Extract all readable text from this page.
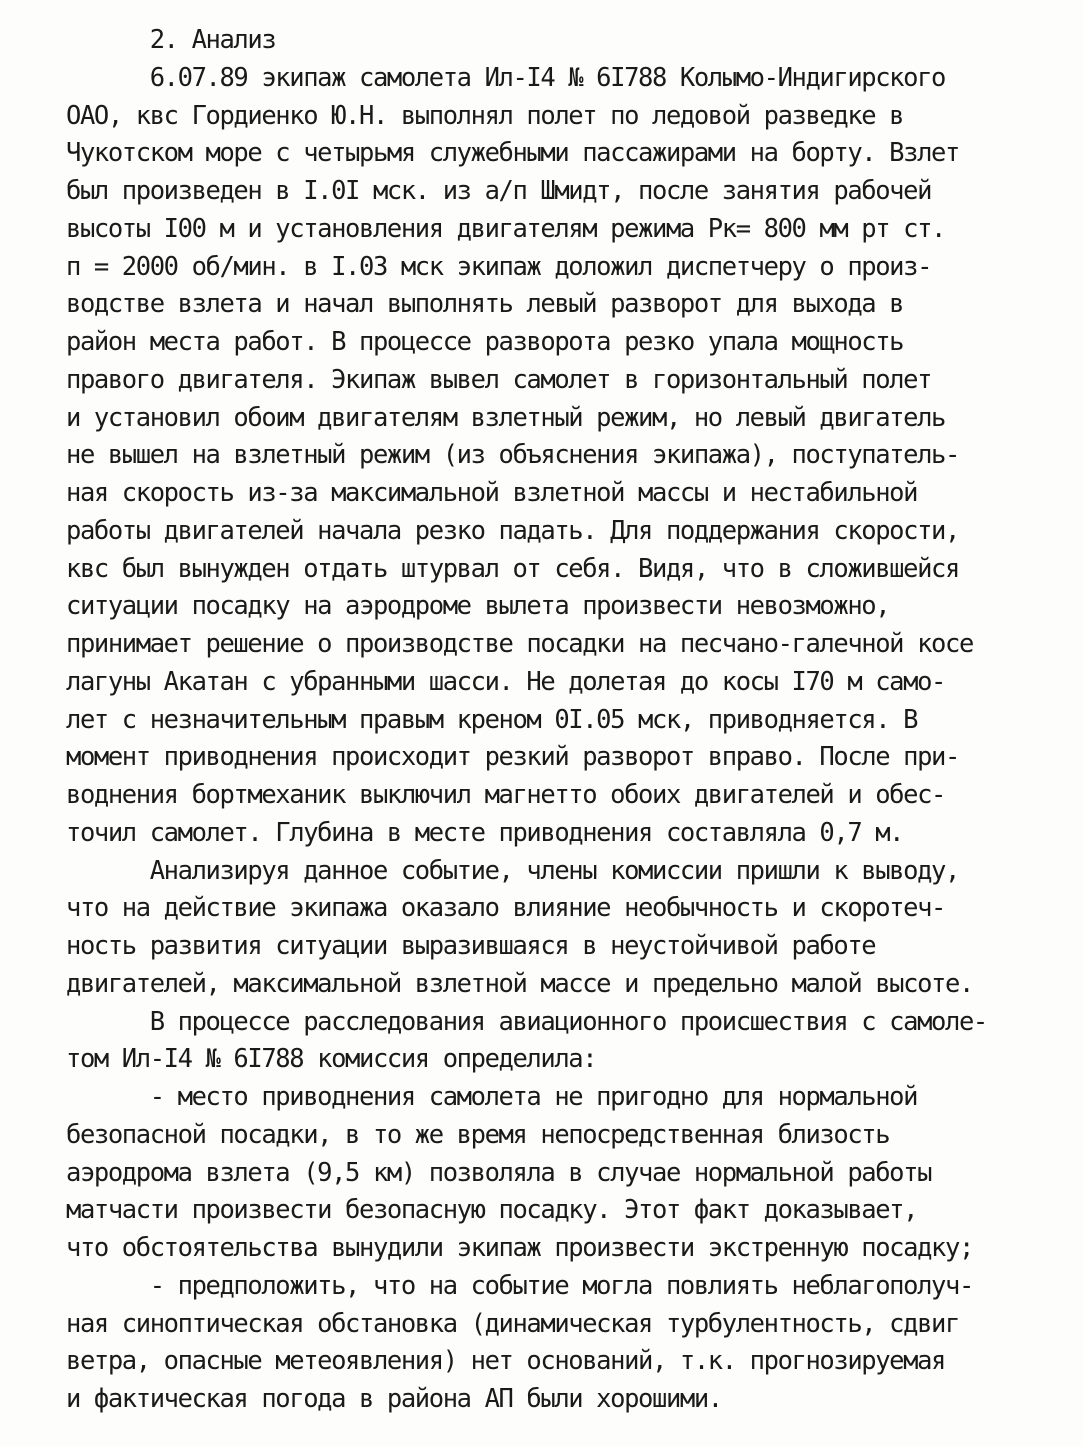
2. Анализ
6.07.89 экипаж самолета Ил-I4 № 6I788 Колымо-Индигирского
ОАО, квс Гордиенко Ю.Н. выполнял полет по ледовой разведке в
Чукотском море с четырьмя служебными пассажирами на борту. Взлет
был произведен в I.0I мск. из а/п Шмидт, после занятия рабочей
высоты I00 м и установления двигателям режима Рк= 800 мм рт ст.
п = 2000 об/мин. в I.03 мск экипаж доложил диспетчеру о произ-
водстве взлета и начал выполнять левый разворот для выхода в
район места работ. В процессе разворота резко упала мощность
правого двигателя. Экипаж вывел самолет в горизонтальный полет
и установил обоим двигателям взлетный режим, но левый двигатель
не вышел на взлетный режим (из объяснения экипажа), поступатель-
ная скорость из-за максимальной взлетной массы и нестабильной
работы двигателей начала резко падать. Для поддержания скорости,
квс был вынужден отдать штурвал от себя. Видя, что в сложившейся
ситуации посадку на аэродроме вылета произвести невозможно,
принимает решение о производстве посадки на песчано-галечной косе
лагуны Акатан с убранными шасси. Не долетая до косы I70 м само-
лет с незначительным правым креном 0I.05 мск, приводняется. В
момент приводнения происходит резкий разворот вправо. После при-
воднения бортмеханик выключил магнетто обоих двигателей и обес-
точил самолет. Глубина в месте приводнения составляла 0,7 м.
Анализируя данное событие, члены комиссии пришли к выводу,
что на действие экипажа оказало влияние необычность и скоротеч-
ность развития ситуации выразившаяся в неустойчивой работе
двигателей, максимальной взлетной массе и предельно малой высоте.
В процессе расследования авиационного происшествия с самоле-
том Ил-I4 № 6I788 комиссия определила:
- место приводнения самолета не пригодно для нормальной
безопасной посадки, в то же время непосредственная близость
аэродрома взлета (9,5 км) позволяла в случае нормальной работы
матчасти произвести безопасную посадку. Этот факт доказывает,
что обстоятельства вынудили экипаж произвести экстренную посадку;
- предположить, что на событие могла повлиять неблагополуч-
ная синоптическая обстановка (динамическая турбулентность, сдвиг
ветра, опасные метеоявления) нет оснований, т.к. прогнозируемая
и фактическая погода в района АП были хорошими.
